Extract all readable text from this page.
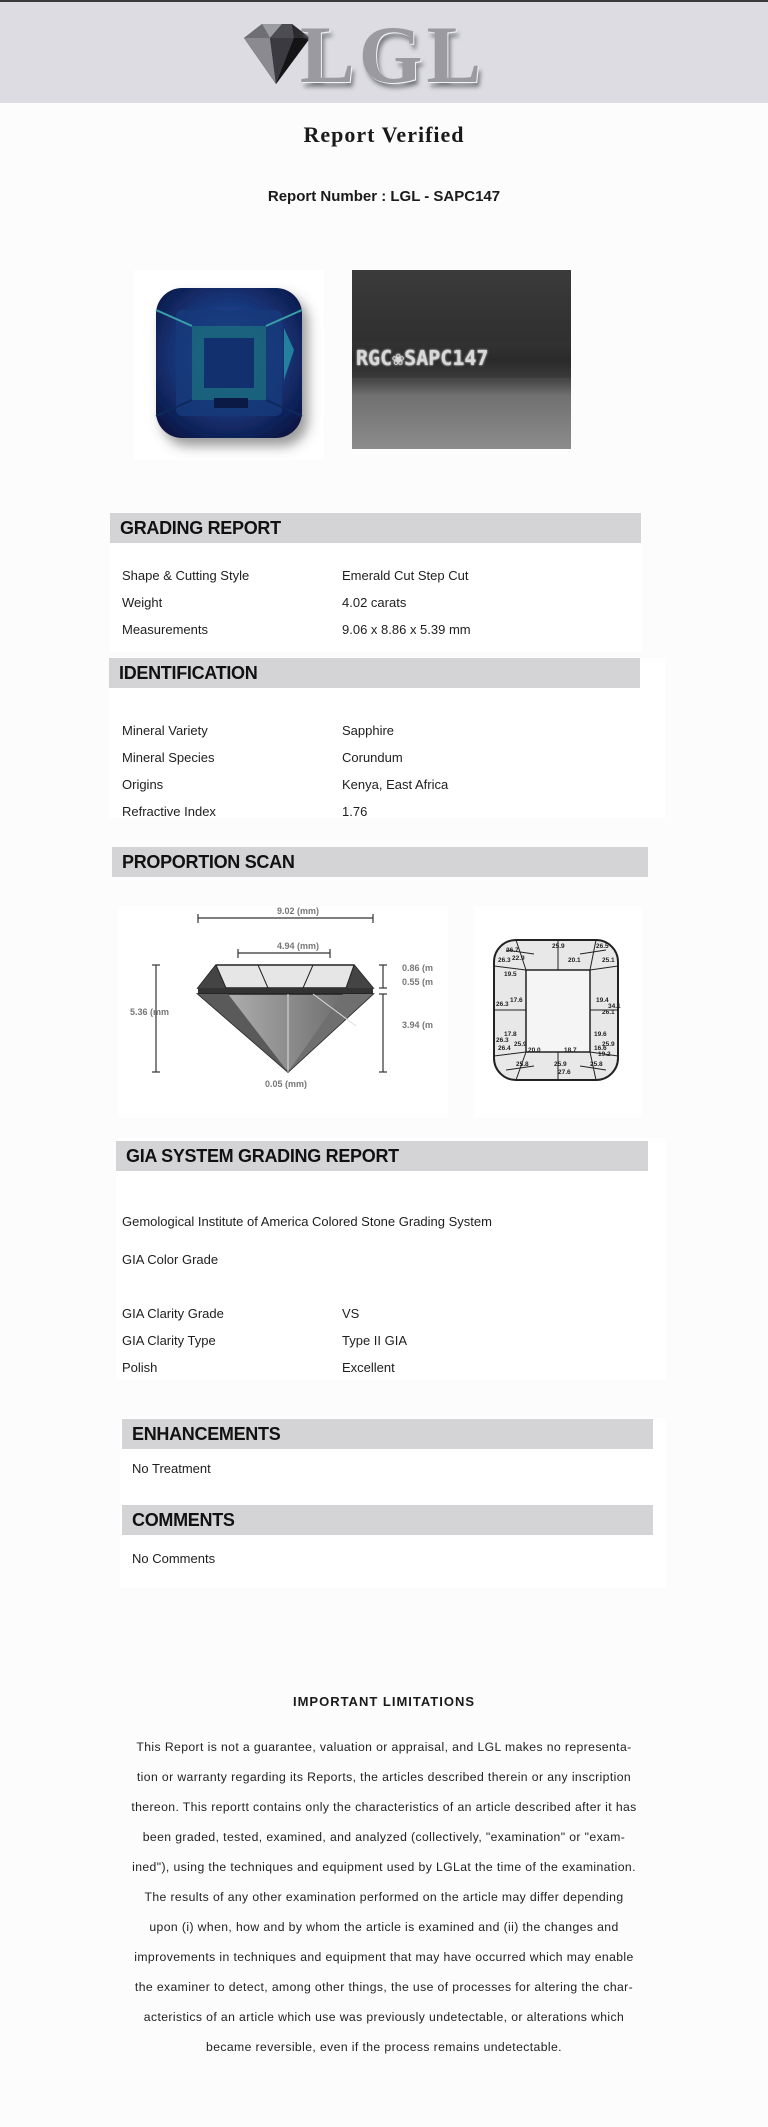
LGL
Report Verified
Report Number : LGL - SAPC147
RGC❀SAPC147
GRADING REPORT
Shape & Cutting Style	Emerald Cut Step Cut
Weight	4.02 carats
Measurements	9.06 x 8.86 x 5.39 mm
IDENTIFICATION
Mineral Variety	Sapphire
Mineral Species	Corundum
Origins	Kenya, East Africa
Refractive Index	1.76
PROPORTION SCAN
9.02 (mm)
4.94 (mm)
5.36 (mm
0.86 (m
0.55 (m
3.94 (m
0.05 (mm)
25.9	26.5
26.7
20.1
26.3 22.9	25.1
19.5
26.3	34.1
17.6	19.4
26.3
26.1
17.8	19.6
25.9	25.9
26.4	16.6
20.0	18.7
19.2
25.8	25.9	25.8
27.6
GIA SYSTEM GRADING REPORT
Gemological Institute of America Colored Stone Grading System
GIA Color Grade
GIA Clarity Grade	VS
GIA Clarity Type	Type II GIA
Polish	Excellent
ENHANCEMENTS
No Treatment
COMMENTS
No Comments
IMPORTANT LIMITATIONS
This Report is not a guarantee, valuation or appraisal, and LGL makes no representa-
tion or warranty regarding its Reports, the articles described therein or any inscription
thereon. This reportt contains only the characteristics of an article described after it has
been graded, tested, examined, and analyzed (collectively, "examination" or "exam-
ined"), using the techniques and equipment used by LGLat the time of the examination.
The results of any other examination performed on the article may differ depending
upon (i) when, how and by whom the article is examined and (ii) the changes and
improvements in techniques and equipment that may have occurred which may enable
the examiner to detect, among other things, the use of processes for altering the char-
acteristics of an article which use was previously undetectable, or alterations which
became reversible, even if the process remains undetectable.
